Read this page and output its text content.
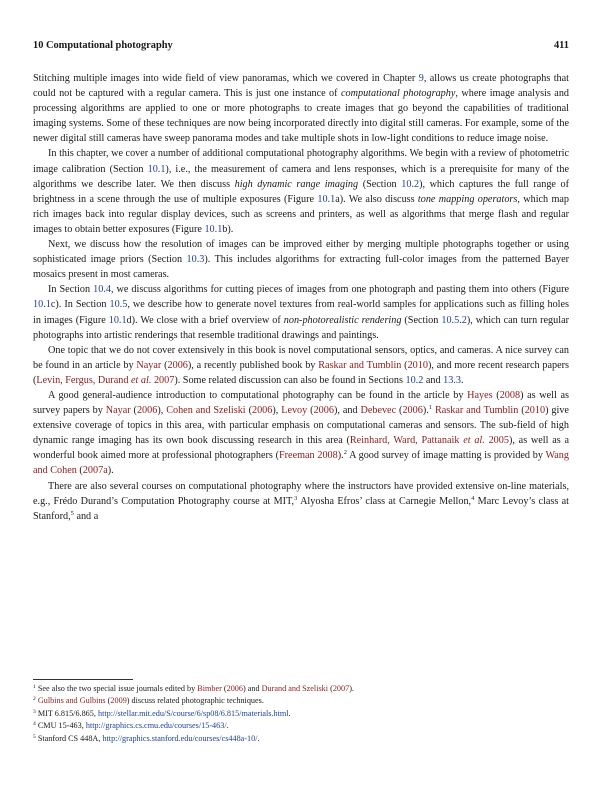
10 Computational photography	411

Stitching multiple images into wide field of view panoramas, which we covered in Chapter 9, allows us create photographs that could not be captured with a regular camera. This is just one instance of computational photography, where image analysis and processing algorithms are applied to one or more photographs to create images that go beyond the capabilities of traditional imaging systems. Some of these techniques are now being incorporated directly into digital still cameras. For example, some of the newer digital still cameras have sweep panorama modes and take multiple shots in low-light conditions to reduce image noise.

In this chapter, we cover a number of additional computational photography algorithms. We begin with a review of photometric image calibration (Section 10.1), i.e., the measurement of camera and lens responses, which is a prerequisite for many of the algorithms we describe later. We then discuss high dynamic range imaging (Section 10.2), which captures the full range of brightness in a scene through the use of multiple exposures (Figure 10.1a). We also discuss tone mapping operators, which map rich images back into regular display devices, such as screens and printers, as well as algorithms that merge flash and regular images to obtain better exposures (Figure 10.1b).

Next, we discuss how the resolution of images can be improved either by merging multiple photographs together or using sophisticated image priors (Section 10.3). This includes algorithms for extracting full-color images from the patterned Bayer mosaics present in most cameras.

In Section 10.4, we discuss algorithms for cutting pieces of images from one photograph and pasting them into others (Figure 10.1c). In Section 10.5, we describe how to generate novel textures from real-world samples for applications such as filling holes in images (Figure 10.1d). We close with a brief overview of non-photorealistic rendering (Section 10.5.2), which can turn regular photographs into artistic renderings that resemble traditional drawings and paintings.

One topic that we do not cover extensively in this book is novel computational sensors, optics, and cameras. A nice survey can be found in an article by Nayar (2006), a recently published book by Raskar and Tumblin (2010), and more recent research papers (Levin, Fergus, Durand et al. 2007). Some related discussion can also be found in Sections 10.2 and 13.3.

A good general-audience introduction to computational photography can be found in the article by Hayes (2008) as well as survey papers by Nayar (2006), Cohen and Szeliski (2006), Levoy (2006), and Debevec (2006).$^1$ Raskar and Tumblin (2010) give extensive coverage of topics in this area, with particular emphasis on computational cameras and sensors. The sub-field of high dynamic range imaging has its own book discussing research in this area (Reinhard, Ward, Pattanaik et al. 2005), as well as a wonderful book aimed more at professional photographers (Freeman 2008).$^2$ A good survey of image matting is provided by Wang and Cohen (2007a).

There are also several courses on computational photography where the instructors have provided extensive on-line materials, e.g., Frédo Durand’s Computation Photography course at MIT,$^3$ Alyosha Efros’ class at Carnegie Mellon,$^4$ Marc Levoy’s class at Stanford,$^5$ and a

$^1$ See also the two special issue journals edited by Bimber (2006) and Durand and Szeliski (2007).

$^2$ Gulbins and Gulbins (2009) discuss related photographic techniques.

$^3$ MIT 6.815/6.865, http://stellar.mit.edu/S/course/6/sp08/6.815/materials.html.

$^4$ CMU 15-463, http://graphics.cs.cmu.edu/courses/15-463/.

$^5$ Stanford CS 448A, http://graphics.stanford.edu/courses/cs448a-10/.
